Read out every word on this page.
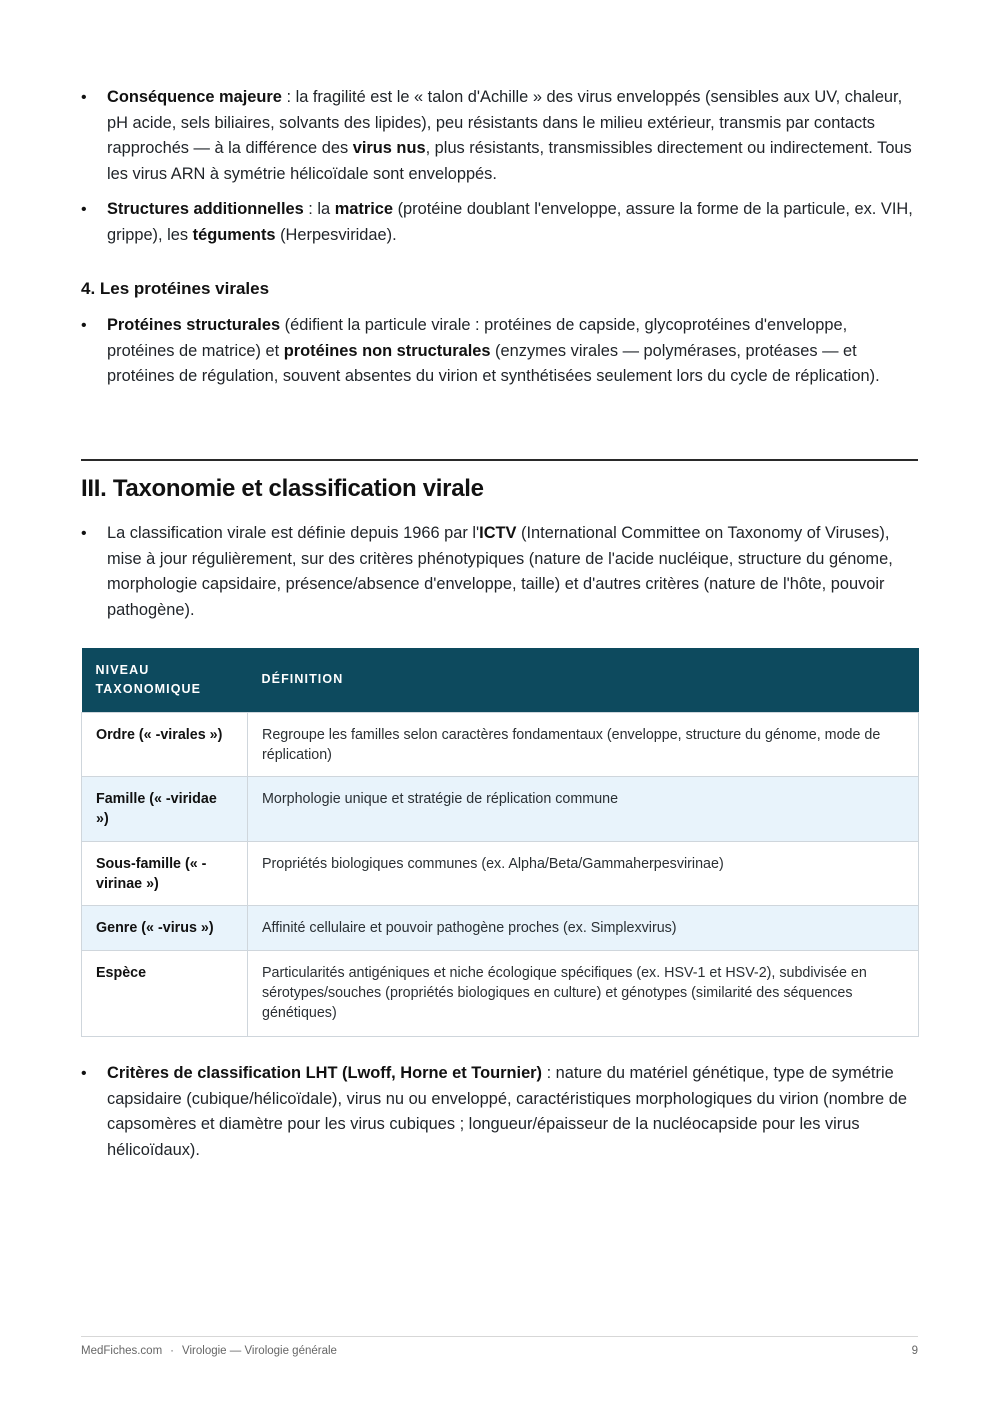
• Conséquence majeure : la fragilité est le « talon d'Achille » des virus enveloppés (sensibles aux UV, chaleur, pH acide, sels biliaires, solvants des lipides), peu résistants dans le milieu extérieur, transmis par contacts rapprochés — à la différence des virus nus, plus résistants, transmissibles directement ou indirectement. Tous les virus ARN à symétrie hélicoïdale sont enveloppés.
• Structures additionnelles : la matrice (protéine doublant l'enveloppe, assure la forme de la particule, ex. VIH, grippe), les téguments (Herpesviridae).
4. Les protéines virales
• Protéines structurales (édifient la particule virale : protéines de capside, glycoprotéines d'enveloppe, protéines de matrice) et protéines non structurales (enzymes virales — polymérases, protéases — et protéines de régulation, souvent absentes du virion et synthétisées seulement lors du cycle de réplication).
III. Taxonomie et classification virale
• La classification virale est définie depuis 1966 par l'ICTV (International Committee on Taxonomy of Viruses), mise à jour régulièrement, sur des critères phénotypiques (nature de l'acide nucléique, structure du génome, morphologie capsidaire, présence/absence d'enveloppe, taille) et d'autres critères (nature de l'hôte, pouvoir pathogène).
NIVEAU TAXONOMIQUE	DÉFINITION
Ordre (« -virales »)	Regroupe les familles selon caractères fondamentaux (enveloppe, structure du génome, mode de réplication)
Famille (« -viridae »)	Morphologie unique et stratégie de réplication commune
Sous-famille (« -virinae »)	Propriétés biologiques communes (ex. Alpha/Beta/Gammaherpesvirinae)
Genre (« -virus »)	Affinité cellulaire et pouvoir pathogène proches (ex. Simplexvirus)
Espèce	Particularités antigéniques et niche écologique spécifiques (ex. HSV-1 et HSV-2), subdivisée en sérotypes/souches (propriétés biologiques en culture) et génotypes (similarité des séquences génétiques)
• Critères de classification LHT (Lwoff, Horne et Tournier) : nature du matériel génétique, type de symétrie capsidaire (cubique/hélicoïdale), virus nu ou enveloppé, caractéristiques morphologiques du virion (nombre de capsomères et diamètre pour les virus cubiques ; longueur/épaisseur de la nucléocapside pour les virus hélicoïdaux).
MedFiches.com · Virologie — Virologie générale	9
